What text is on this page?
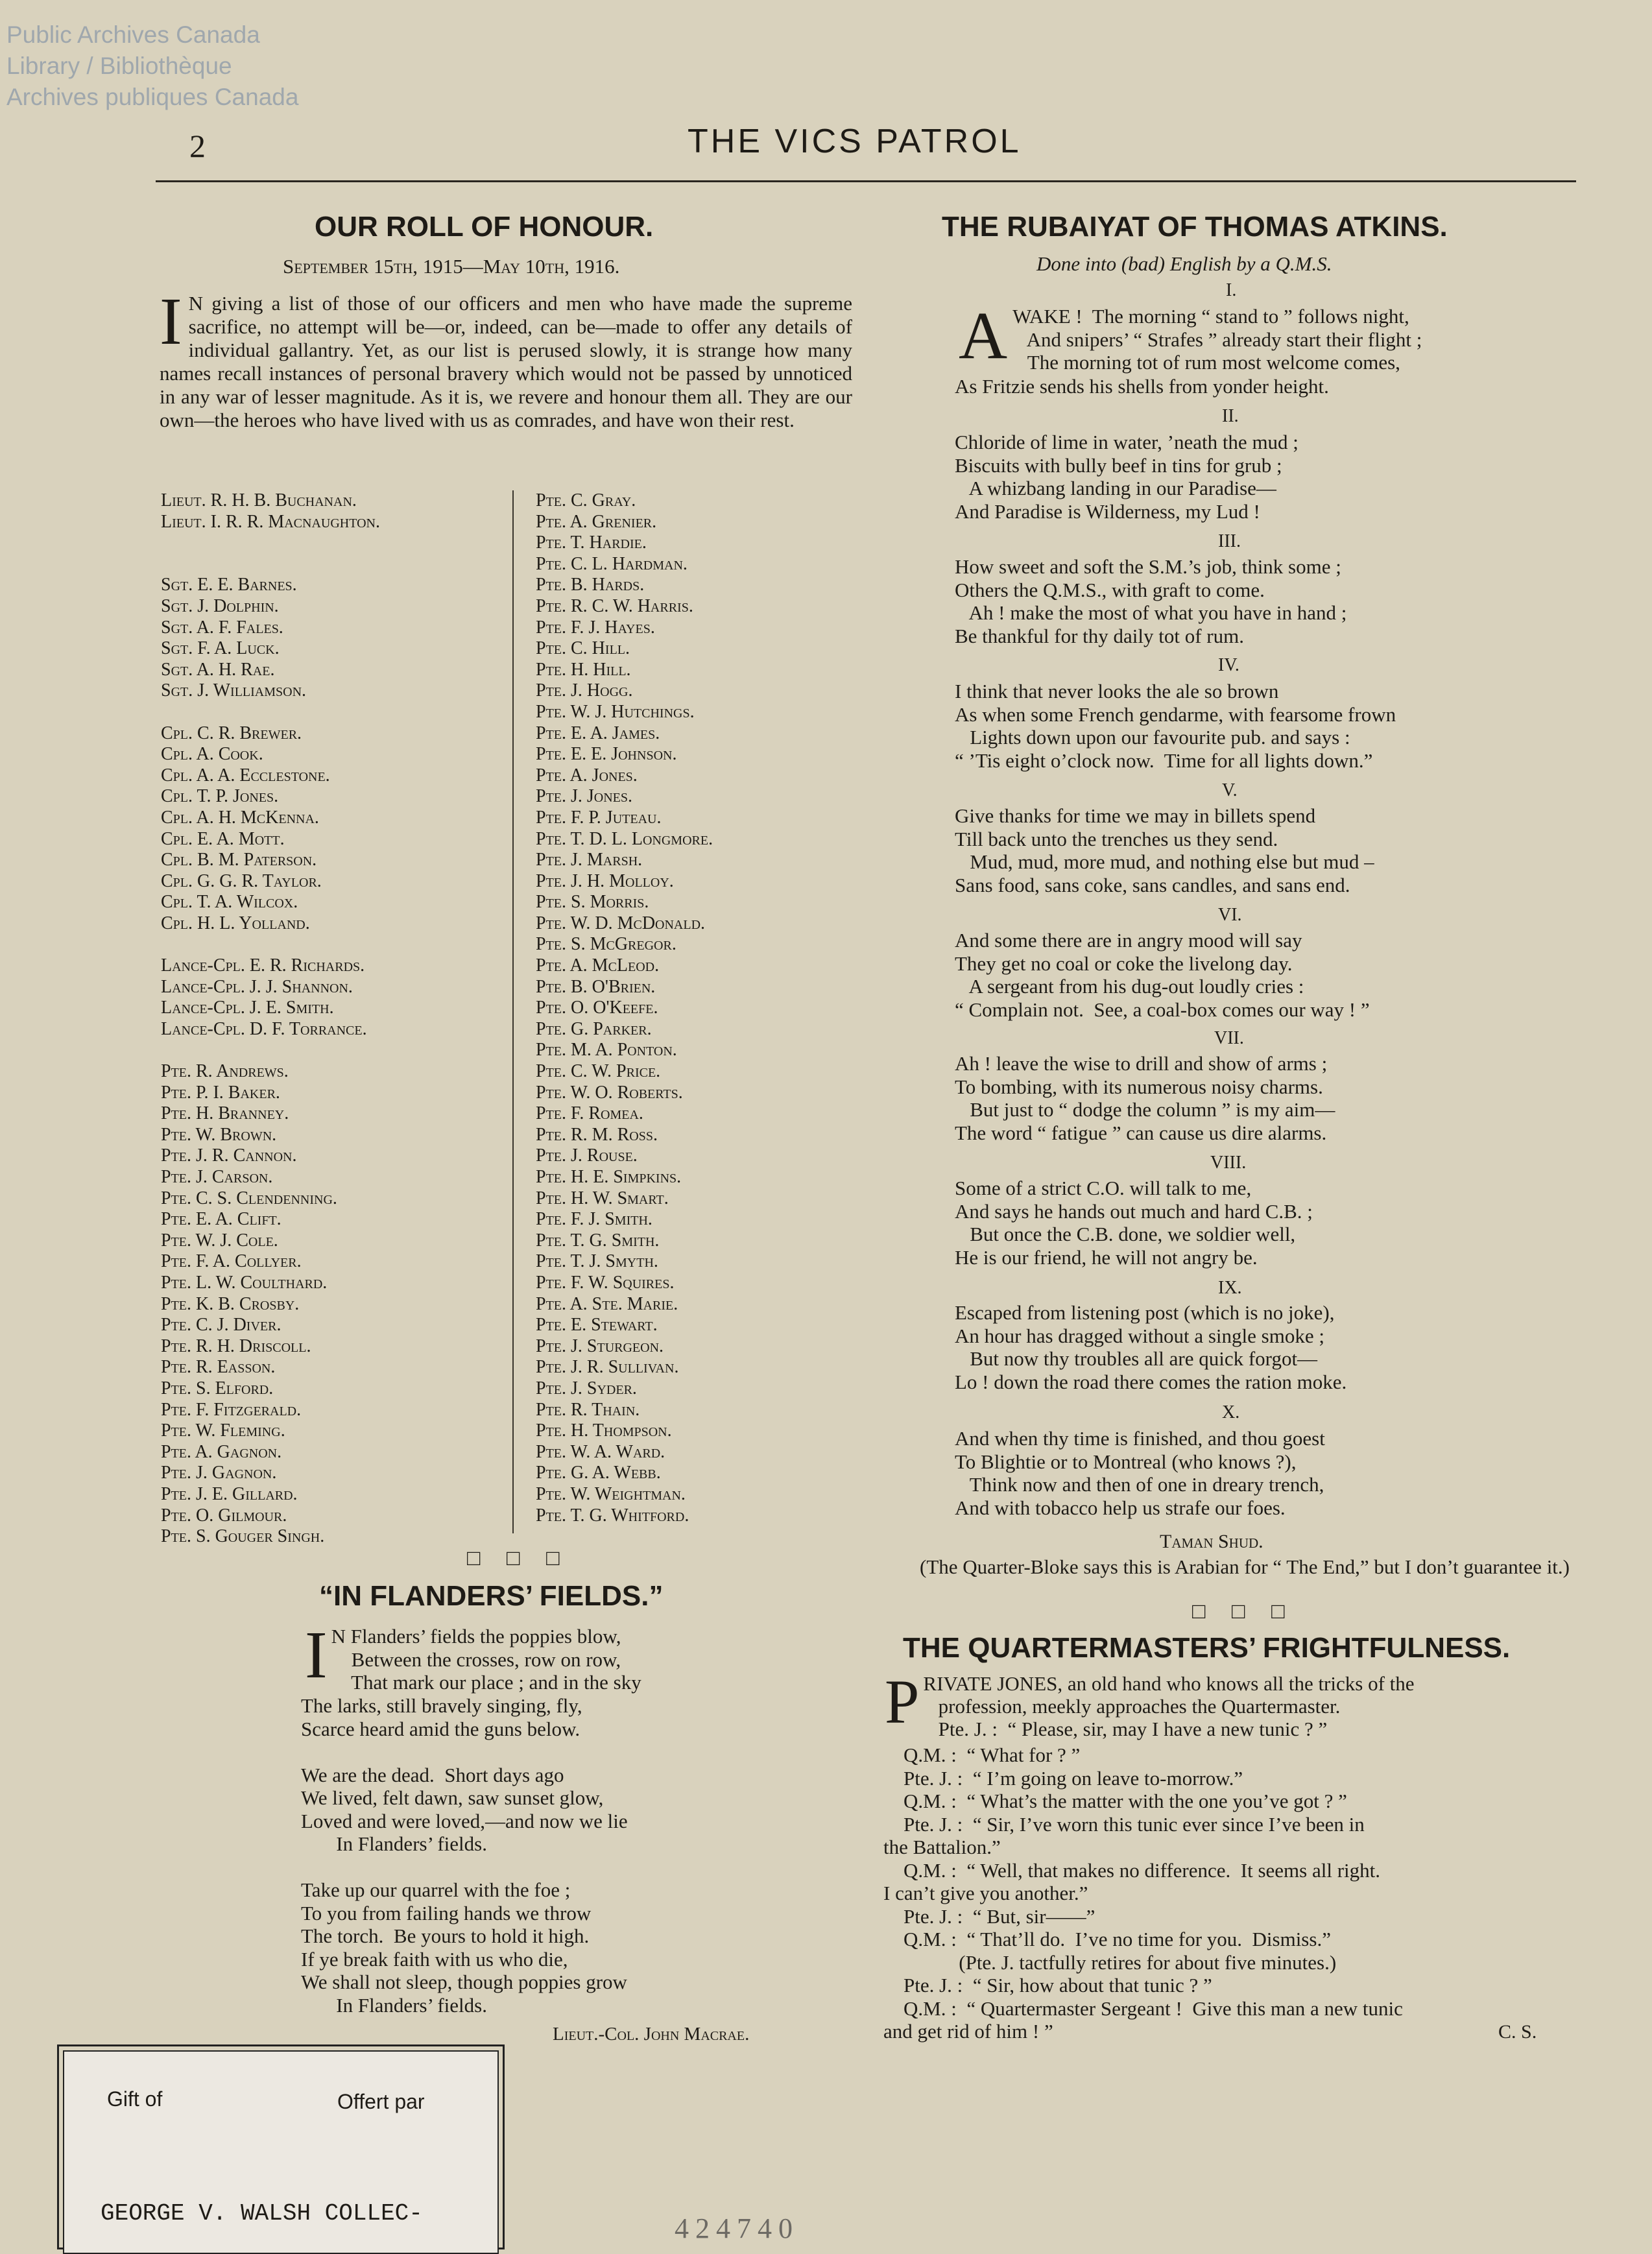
Public Archives Canada
Library / Bibliothèque
Archives publiques Canada
2	THE VICS PATROL
OUR ROLL OF HONOUR.
September 15th, 1915—May 10th, 1916.
I N giving a list of those of our officers and men who have made the supreme sacrifice, no attempt will be—or, indeed, can be—made to offer any details of individual gallantry. Yet, as our list is perused slowly, it is strange how many names recall instances of personal bravery which would not be passed by unnoticed in any war of lesser magnitude. As it is, we revere and honour them all. They are our own—the heroes who have lived with us as comrades, and have won their rest.
Lieut. R. H. B. Buchanan.
Lieut. I. R. R. Macnaughton.

Sgt. E. E. Barnes.
Sgt. J. Dolphin.
Sgt. A. F. Fales.
Sgt. F. A. Luck.
Sgt. A. H. Rae.
Sgt. J. Williamson.

Cpl. C. R. Brewer.
Cpl. A. Cook.
Cpl. A. A. Ecclestone.
Cpl. T. P. Jones.
Cpl. A. H. McKenna.
Cpl. E. A. Mott.
Cpl. B. M. Paterson.
Cpl. G. G. R. Taylor.
Cpl. T. A. Wilcox.
Cpl. H. L. Yolland.

Lance-Cpl. E. R. Richards.
Lance-Cpl. J. J. Shannon.
Lance-Cpl. J. E. Smith.
Lance-Cpl. D. F. Torrance.

Pte. R. Andrews.
Pte. P. I. Baker.
Pte. H. Branney.
Pte. W. Brown.
Pte. J. R. Cannon.
Pte. J. Carson.
Pte. C. S. Clendenning.
Pte. E. A. Clift.
Pte. W. J. Cole.
Pte. F. A. Collyer.
Pte. L. W. Coulthard.
Pte. K. B. Crosby.
Pte. C. J. Diver.
Pte. R. H. Driscoll.
Pte. R. Easson.
Pte. S. Elford.
Pte. F. Fitzgerald.
Pte. W. Fleming.
Pte. A. Gagnon.
Pte. J. Gagnon.
Pte. J. E. Gillard.
Pte. O. Gilmour.
Pte. S. Gouger Singh.
Pte. C. Gray.
Pte. A. Grenier.
Pte. T. Hardie.
Pte. C. L. Hardman.
Pte. B. Hards.
Pte. R. C. W. Harris.
Pte. F. J. Hayes.
Pte. C. Hill.
Pte. H. Hill.
Pte. J. Hogg.
Pte. W. J. Hutchings.
Pte. E. A. James.
Pte. E. E. Johnson.
Pte. A. Jones.
Pte. J. Jones.
Pte. F. P. Juteau.
Pte. T. D. L. Longmore.
Pte. J. Marsh.
Pte. J. H. Molloy.
Pte. S. Morris.
Pte. W. D. McDonald.
Pte. S. McGregor.
Pte. A. McLeod.
Pte. B. O'Brien.
Pte. O. O'Keefe.
Pte. G. Parker.
Pte. M. A. Ponton.
Pte. C. W. Price.
Pte. W. O. Roberts.
Pte. F. Romea.
Pte. R. M. Ross.
Pte. J. Rouse.
Pte. H. E. Simpkins.
Pte. H. W. Smart.
Pte. F. J. Smith.
Pte. T. G. Smith.
Pte. T. J. Smyth.
Pte. F. W. Squires.
Pte. A. Ste. Marie.
Pte. E. Stewart.
Pte. J. Sturgeon.
Pte. J. R. Sullivan.
Pte. J. Syder.
Pte. R. Thain.
Pte. H. Thompson.
Pte. W. A. Ward.
Pte. G. A. Webb.
Pte. W. Weightman.
Pte. T. G. Whitford.
□ □ □
“IN FLANDERS’ FIELDS.”
I N Flanders’ fields the poppies blow,
Between the crosses, row on row,
That mark our place ; and in the sky
The larks, still bravely singing, fly,
Scarce heard amid the guns below.

We are the dead.  Short days ago
We lived, felt dawn, saw sunset glow,
Loved and were loved,—and now we lie
In Flanders’ fields.

Take up our quarrel with the foe ;
To you from failing hands we throw
The torch.  Be yours to hold it high.
If ye break faith with us who die,
We shall not sleep, though poppies grow
In Flanders’ fields.
Lieut.-Col. John Macrae.
THE RUBAIYAT OF THOMAS ATKINS.
Done into (bad) English by a Q.M.S.
I.
AWAKE !  The morning “ stand to ” follows night,
And snipers’ “ Strafes ” already start their flight ;
The morning tot of rum most welcome comes,
As Fritzie sends his shells from yonder height.
II.
Chloride of lime in water, ’neath the mud ;
Biscuits with bully beef in tins for grub ;
A whizbang landing in our Paradise—
And Paradise is Wilderness, my Lud !
III.
How sweet and soft the S.M.’s job, think some ;
Others the Q.M.S., with graft to come.
Ah ! make the most of what you have in hand ;
Be thankful for thy daily tot of rum.
IV.
I think that never looks the ale so brown
As when some French gendarme, with fearsome frown
Lights down upon our favourite pub. and says :
“ ’Tis eight o’clock now.  Time for all lights down.”
V.
Give thanks for time we may in billets spend
Till back unto the trenches us they send.
Mud, mud, more mud, and nothing else but mud –
Sans food, sans coke, sans candles, and sans end.
VI.
And some there are in angry mood will say
They get no coal or coke the livelong day.
A sergeant from his dug-out loudly cries :
“ Complain not.  See, a coal-box comes our way ! ”
VII.
Ah ! leave the wise to drill and show of arms ;
To bombing, with its numerous noisy charms.
But just to “ dodge the column ” is my aim—
The word “ fatigue ” can cause us dire alarms.
VIII.
Some of a strict C.O. will talk to me,
And says he hands out much and hard C.B. ;
But once the C.B. done, we soldier well,
He is our friend, he will not angry be.
IX.
Escaped from listening post (which is no joke),
An hour has dragged without a single smoke ;
But now thy troubles all are quick forgot—
Lo ! down the road there comes the ration moke.
X.
And when thy time is finished, and thou goest
To Blightie or to Montreal (who knows ?),
Think now and then of one in dreary trench,
And with tobacco help us strafe our foes.
Taman Shud.
(The Quarter-Bloke says this is Arabian for “ The End,” but I don’t guarantee it.)
□ □ □
THE QUARTERMASTERS’ FRIGHTFULNESS.
PRIVATE JONES, an old hand who knows all the tricks of the
profession, meekly approaches the Quartermaster.
Pte. J. :  “ Please, sir, may I have a new tunic ? ”
Q.M. :  “ What for ? ”
Pte. J. :  “ I’m going on leave to-morrow.”
Q.M. :  “ What’s the matter with the one you’ve got ? ”
Pte. J. :  “ Sir, I’ve worn this tunic ever since I’ve been in
the Battalion.”
Q.M. :  “ Well, that makes no difference.  It seems all right.
I can’t give you another.”
Pte. J. :  “ But, sir——”
Q.M. :  “ That’ll do.  I’ve no time for you.  Dismiss.”
(Pte. J. tactfully retires for about five minutes.)
Pte. J. :  “ Sir, how about that tunic ? ”
Q.M. :  “ Quartermaster Sergeant !  Give this man a new tunic
and get rid of him ! ”	C. S.
Gift of	Offert par
GEORGE V. WALSH COLLEC-	424740
